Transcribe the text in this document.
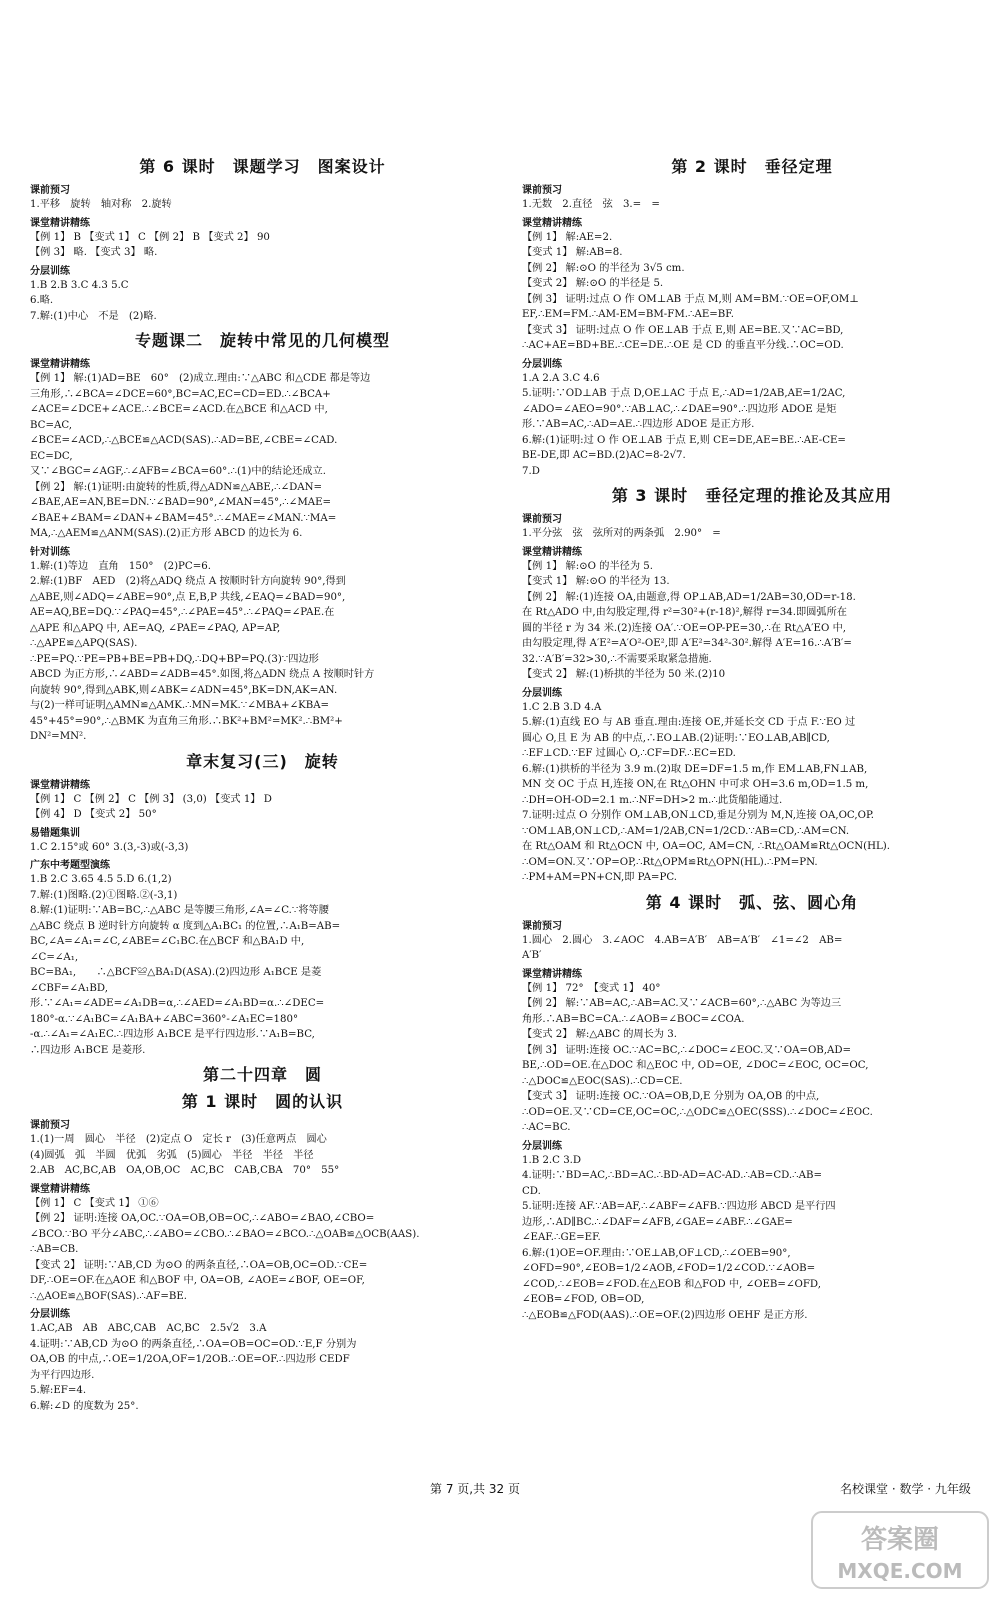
第 6 课时　课题学习　图案设计
课前预习
1.平移　旋转　轴对称　2.旋转
课堂精讲精练
【例 1】 B 【变式 1】 C 【例 2】 B 【变式 2】 90
【例 3】 略. 【变式 3】 略.
分层训练
1.B 2.B 3.C 4.3 5.C
6.略.
7.解:(1)中心　不是　(2)略.
专题课二　旋转中常见的几何模型
课堂精讲精练
【例 1】 解:(1)AD=BE　60°　(2)成立.理由:∵△ABC 和△CDE 都是等边
三角形,∴∠BCA=∠DCE=60°,BC=AC,EC=CD=ED.∴∠BCA+
∠ACE=∠DCE+∠ACE.∴∠BCE=∠ACD.在△BCE 和△ACD 中,
BC=AC,
∠BCE=∠ACD,∴△BCE≌△ACD(SAS).∴AD=BE,∠CBE=∠CAD.
EC=DC,
又∵∠BGC=∠AGF,∴∠AFB=∠BCA=60°.∴(1)中的结论还成立.
【例 2】 解:(1)证明:由旋转的性质,得△ADN≌△ABE,∴∠DAN=
∠BAE,AE=AN,BE=DN.∵∠BAD=90°,∠MAN=45°,∴∠MAE=
∠BAE+∠BAM=∠DAN+∠BAM=45°.∴∠MAE=∠MAN.∵MA=
MA,∴△AEM≌△ANM(SAS).(2)正方形 ABCD 的边长为 6.
针对训练
1.解:(1)等边　直角　150°　(2)PC=6.
2.解:(1)BF　AED　(2)将△ADQ 绕点 A 按顺时针方向旋转 90°,得到
△ABE,则∠ADQ=∠ABE=90°,点 E,B,P 共线,∠EAQ=∠BAD=90°,
AE=AQ,BE=DQ.∵∠PAQ=45°,∴∠PAE=45°.∴∠PAQ=∠PAE.在
△APE 和△APQ 中, AE=AQ, ∠PAE=∠PAQ, AP=AP,
∴△APE≌△APQ(SAS).
∴PE=PQ.∵PE=PB+BE=PB+DQ,∴DQ+BP=PQ.(3)∵四边形
ABCD 为正方形,∴∠ABD=∠ADB=45°.如图,将△ADN 绕点 A 按顺时针方
向旋转 90°,得到△ABK,则∠ABK=∠ADN=45°,BK=DN,AK=AN.
与(2)一样可证明△AMN≌△AMK.∴MN=MK.∵∠MBA+∠KBA=
45°+45°=90°,∴△BMK 为直角三角形.∴BK²+BM²=MK².∴BM²+
DN²=MN².
章末复习(三)　旋转
课堂精讲精练
【例 1】 C 【例 2】 C 【例 3】 (3,0) 【变式 1】 D
【例 4】 D 【变式 2】 50°
易错题集训
1.C 2.15°或 60° 3.(3,-3)或(-3,3)
广东中考题型演练
1.B 2.C 3.65 4.5 5.D 6.(1,2)
7.解:(1)图略.(2)①图略.②(-3,1)
8.解:(1)证明:∵AB=BC,∴△ABC 是等腰三角形,∠A=∠C.∵将等腰
△ABC 绕点 B 逆时针方向旋转 α 度到△A₁BC₁ 的位置,∴A₁B=AB=
BC,∠A=∠A₁=∠C,∠ABE=∠C₁BC.在△BCF 和△BA₁D 中,
∠C=∠A₁,
BC=BA₁,　　∴△BCF≌△BA₁D(ASA).(2)四边形 A₁BCE 是菱
∠CBF=∠A₁BD,
形.∵∠A₁=∠ADE=∠A₁DB=α,∴∠AED=∠A₁BD=α.∴∠DEC=
180°-α.∵∠A₁BC=∠A₁BA+∠ABC=360°-∠A₁EC=180°
-α.∴∠A₁=∠A₁EC.∴四边形 A₁BCE 是平行四边形.∵A₁B=BC,
∴四边形 A₁BCE 是菱形.
第二十四章　圆
第 1 课时　圆的认识
课前预习
1.(1)一周　圆心　半径　(2)定点 O　定长 r　(3)任意两点　圆心
(4)圆弧　弧　半圆　优弧　劣弧　(5)圆心　半径　半径　半径
2.AB　AC,BC,AB　OA,OB,OC　AC,BC　CAB,CBA　70°　55°
课堂精讲精练
【例 1】 C 【变式 1】 ①⑥
【例 2】 证明:连接 OA,OC.∵OA=OB,OB=OC,∴∠ABO=∠BAO,∠CBO=
∠BCO.∵BO 平分∠ABC,∴∠ABO=∠CBO.∴∠BAO=∠BCO.∴△OAB≌△OCB(AAS).
∴AB=CB.
【变式 2】 证明:∵AB,CD 为⊙O 的两条直径,∴OA=OB,OC=OD.∵CE=
DF,∴OE=OF.在△AOE 和△BOF 中, OA=OB, ∠AOE=∠BOF, OE=OF,
∴△AOE≌△BOF(SAS).∴AF=BE.
分层训练
1.AC,AB　AB　ABC,CAB　AC,BC　2.5√2　3.A
4.证明:∵AB,CD 为⊙O 的两条直径,∴OA=OB=OC=OD.∵E,F 分别为
OA,OB 的中点,∴OE=1/2OA,OF=1/2OB.∴OE=OF.∴四边形 CEDF
为平行四边形.
5.解:EF=4.
6.解:∠D 的度数为 25°.
第 2 课时　垂径定理
课前预习
1.无数　2.直径　弦　3.=　=
课堂精讲精练
【例 1】 解:AE=2.
【变式 1】 解:AB=8.
【例 2】 解:⊙O 的半径为 3√5 cm.
【变式 2】 解:⊙O 的半径是 5.
【例 3】 证明:过点 O 作 OM⊥AB 于点 M,则 AM=BM.∵OE=OF,OM⊥
EF,∴EM=FM.∴AM-EM=BM-FM.∴AE=BF.
【变式 3】 证明:过点 O 作 OE⊥AB 于点 E,则 AE=BE.又∵AC=BD,
∴AC+AE=BD+BE.∴CE=DE.∴OE 是 CD 的垂直平分线.∴OC=OD.
分层训练
1.A 2.A 3.C 4.6
5.证明:∵OD⊥AB 于点 D,OE⊥AC 于点 E,∴AD=1/2AB,AE=1/2AC,
∠ADO=∠AEO=90°.∵AB⊥AC,∴∠DAE=90°.∴四边形 ADOE 是矩
形.∵AB=AC,∴AD=AE.∴四边形 ADOE 是正方形.
6.解:(1)证明:过 O 作 OE⊥AB 于点 E,则 CE=DE,AE=BE.∴AE-CE=
BE-DE,即 AC=BD.(2)AC=8-2√7.
7.D
第 3 课时　垂径定理的推论及其应用
课前预习
1.平分弦　弦　弦所对的两条弧　2.90°　=
课堂精讲精练
【例 1】 解:⊙O 的半径为 5.
【变式 1】 解:⊙O 的半径为 13.
【例 2】 解:(1)连接 OA,由题意,得 OP⊥AB,AD=1/2AB=30,OD=r-18.
在 Rt△ADO 中,由勾股定理,得 r²=30²+(r-18)²,解得 r=34.即圆弧所在
圆的半径 r 为 34 米.(2)连接 OA′.∵OE=OP-PE=30,∴在 Rt△A′EO 中,
由勾股定理,得 A′E²=A′O²-OE²,即 A′E²=34²-30².解得 A′E=16.∴A′B′=
32.∵A′B′=32>30,∴不需要采取紧急措施.
【变式 2】 解:(1)桥拱的半径为 50 米.(2)10
分层训练
1.C 2.B 3.D 4.A
5.解:(1)直线 EO 与 AB 垂直.理由:连接 OE,并延长交 CD 于点 F.∵EO 过
圆心 O,且 E 为 AB 的中点,∴EO⊥AB.(2)证明:∵EO⊥AB,AB∥CD,
∴EF⊥CD.∵EF 过圆心 O,∴CF=DF.∴EC=ED.
6.解:(1)拱桥的半径为 3.9 m.(2)取 DE=DF=1.5 m,作 EM⊥AB,FN⊥AB,
MN 交 OC 于点 H,连接 ON,在 Rt△OHN 中可求 OH=3.6 m,OD=1.5 m,
∴DH=OH-OD=2.1 m.∴NF=DH>2 m.∴此货船能通过.
7.证明:过点 O 分别作 OM⊥AB,ON⊥CD,垂足分别为 M,N,连接 OA,OC,OP.
∵OM⊥AB,ON⊥CD,∴AM=1/2AB,CN=1/2CD.∵AB=CD,∴AM=CN.
在 Rt△OAM 和 Rt△OCN 中, OA=OC, AM=CN, ∴Rt△OAM≌Rt△OCN(HL).
∴OM=ON.又∵OP=OP,∴Rt△OPM≌Rt△OPN(HL).∴PM=PN.
∴PM+AM=PN+CN,即 PA=PC.
第 4 课时　弧、弦、圆心角
课前预习
1.圆心　2.圆心　3.∠AOC　4.AB=A′B′　AB=A′B′　∠1=∠2　AB=
A′B′
课堂精讲精练
【例 1】 72°　【变式 1】 40°
【例 2】 解:∵AB=AC,∴AB=AC.又∵∠ACB=60°,∴△ABC 为等边三
角形.∴AB=BC=CA.∴∠AOB=∠BOC=∠COA.
【变式 2】 解:△ABC 的周长为 3.
【例 3】 证明:连接 OC.∵AC=BC,∴∠DOC=∠EOC.又∵OA=OB,AD=
BE,∴OD=OE.在△DOC 和△EOC 中, OD=OE, ∠DOC=∠EOC, OC=OC,
∴△DOC≌△EOC(SAS).∴CD=CE.
【变式 3】 证明:连接 OC.∵OA=OB,D,E 分别为 OA,OB 的中点,
∴OD=OE.又∵CD=CE,OC=OC,∴△ODC≌△OEC(SSS).∴∠DOC=∠EOC.
∴AC=BC.
分层训练
1.B 2.C 3.D
4.证明:∵BD=AC,∴BD=AC.∴BD-AD=AC-AD.∴AB=CD.∴AB=
CD.
5.证明:连接 AF.∵AB=AF,∴∠ABF=∠AFB.∵四边形 ABCD 是平行四
边形,∴AD∥BC.∴∠DAF=∠AFB,∠GAE=∠ABF.∴∠GAE=
∠EAF.∴GE=EF.
6.解:(1)OE=OF.理由:∵OE⊥AB,OF⊥CD,∴∠OEB=90°,
∠OFD=90°,∠EOB=1/2∠AOB,∠FOD=1/2∠COD.∵∠AOB=
∠COD,∴∠EOB=∠FOD.在△EOB 和△FOD 中, ∠OEB=∠OFD,
∠EOB=∠FOD, OB=OD,
∴△EOB≌△FOD(AAS).∴OE=OF.(2)四边形 OEHF 是正方形.
第 7 页,共 32 页	名校课堂 · 数学 · 九年级
答案圈
MXQE.COM
